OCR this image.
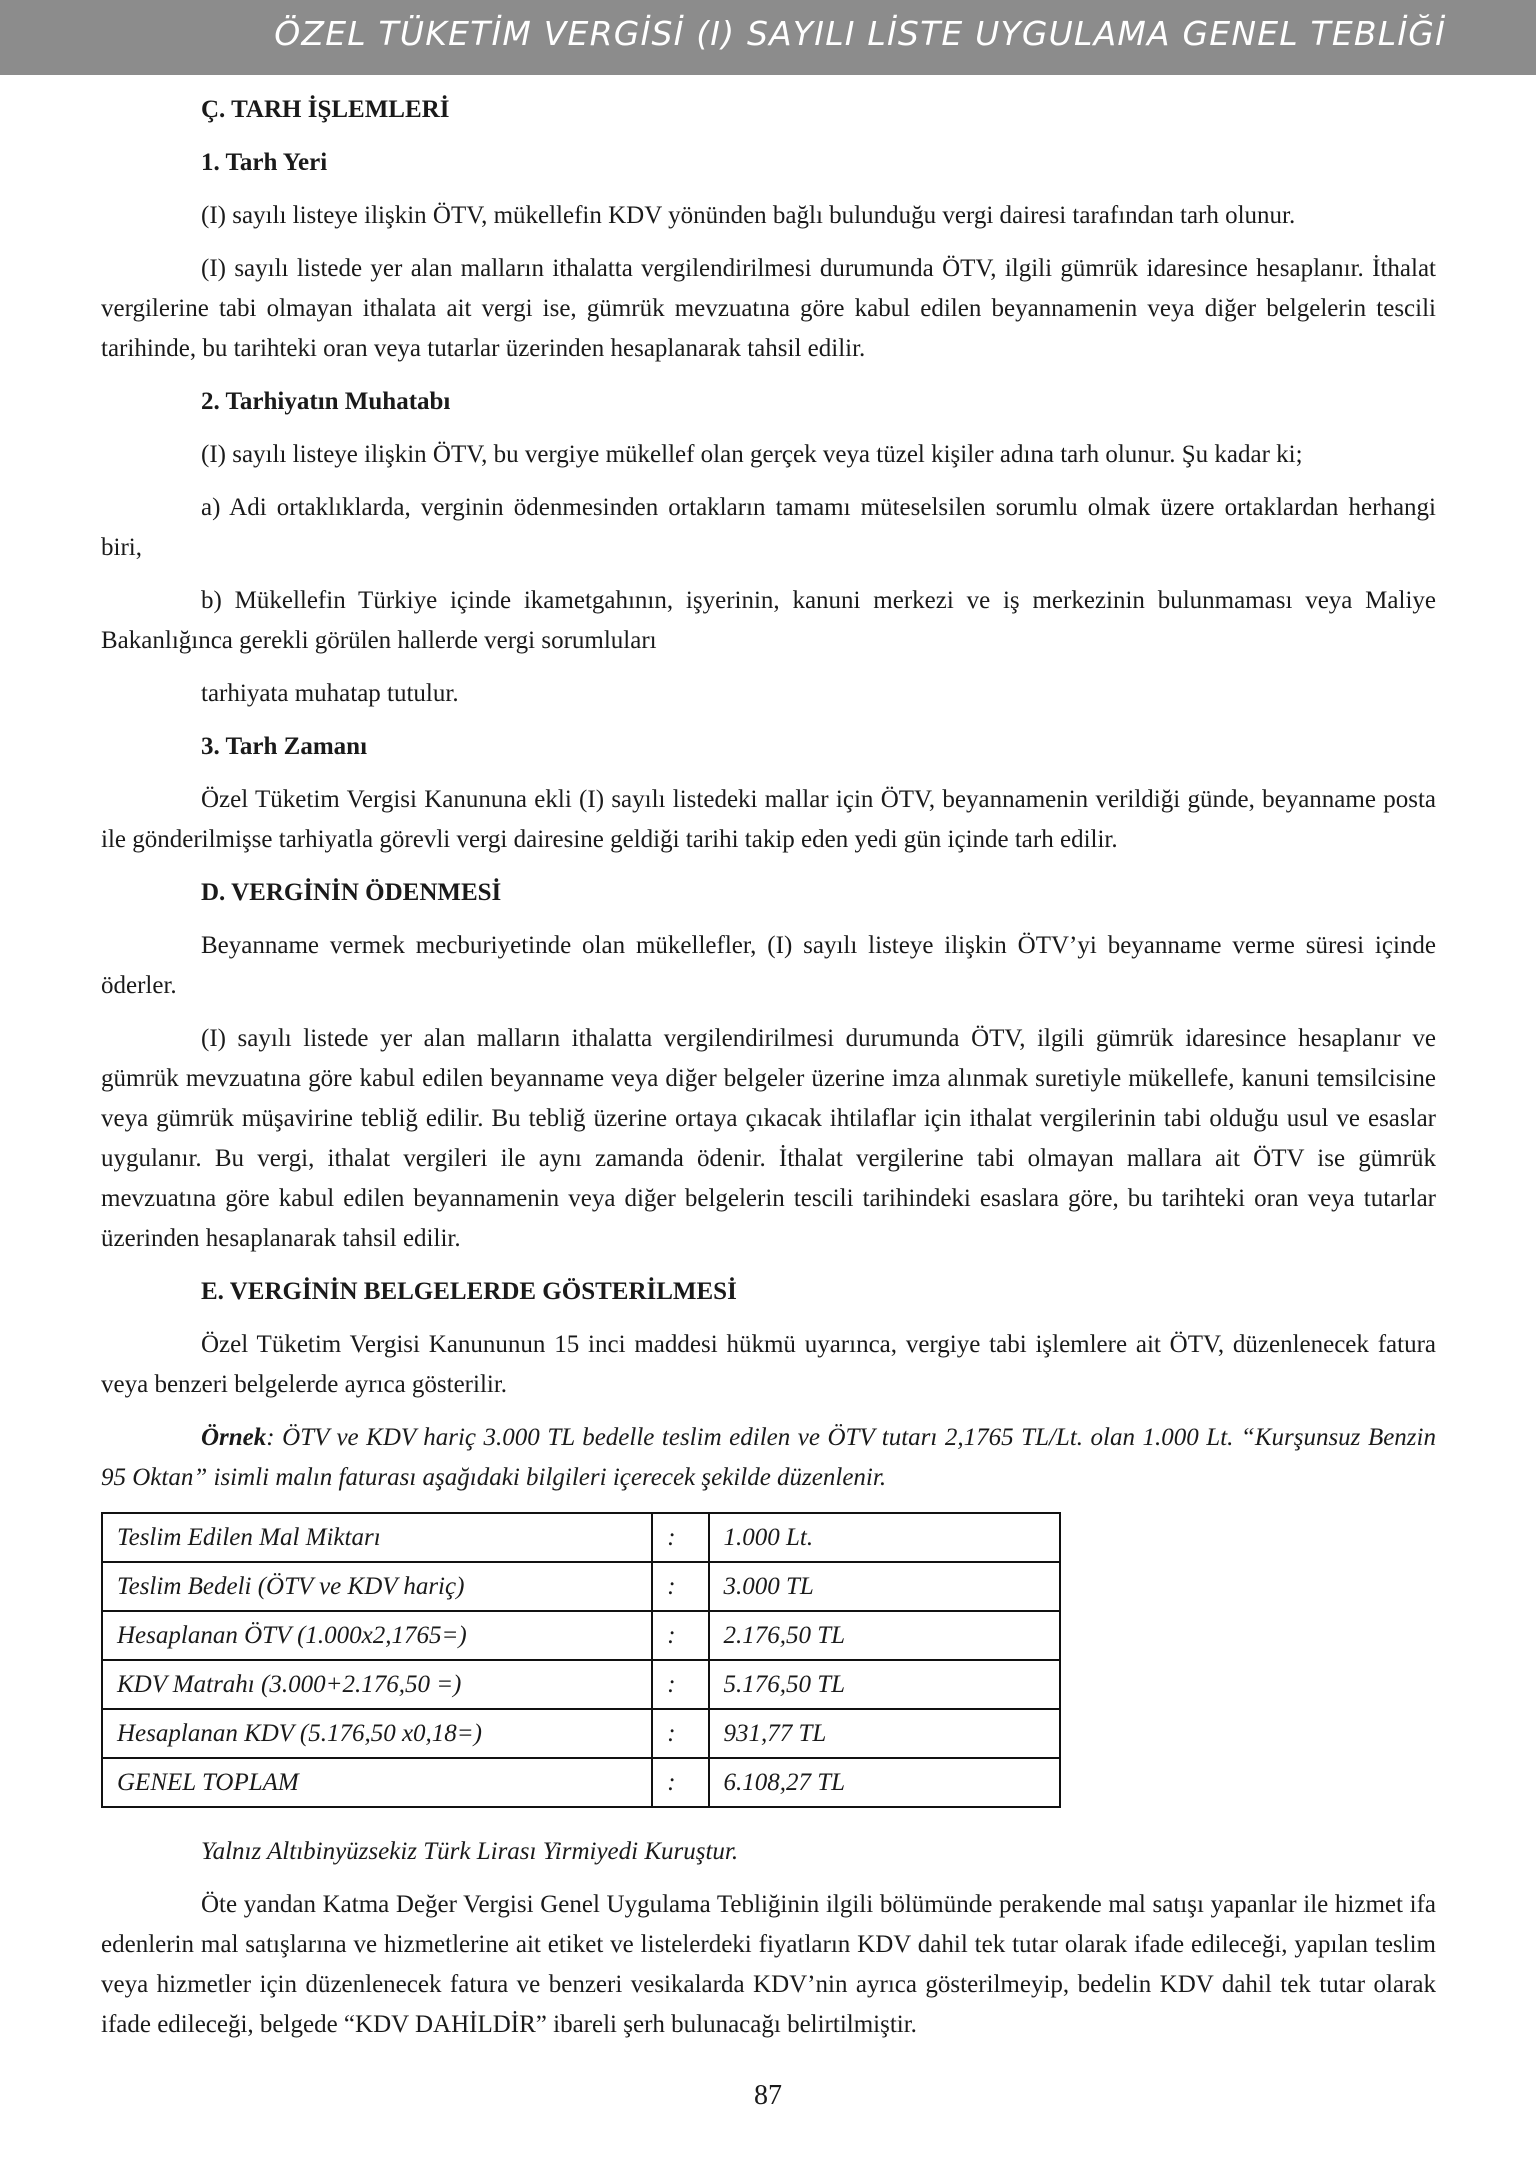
ÖZEL TÜKETİM VERGİSİ (I) SAYILI LİSTE UYGULAMA GENEL TEBLİĞİ
Ç. TARH İŞLEMLERİ
1. Tarh Yeri

(I) sayılı listeye ilişkin ÖTV, mükellefin KDV yönünden bağlı bulunduğu vergi dairesi tarafından tarh olunur.

(I) sayılı listede yer alan malların ithalatta vergilendirilmesi durumunda ÖTV, ilgili gümrük idaresince hesaplanır. İthalat vergilerine tabi olmayan ithalata ait vergi ise, gümrük mevzuatına göre kabul edilen beyannamenin veya diğer belgelerin tescili tarihinde, bu tarihteki oran veya tutarlar üzerinden hesaplanarak tahsil edilir.

2. Tarhiyatın Muhatabı

(I) sayılı listeye ilişkin ÖTV, bu vergiye mükellef olan gerçek veya tüzel kişiler adına tarh olunur. Şu kadar ki;

a) Adi ortaklıklarda, verginin ödenmesinden ortakların tamamı müteselsilen sorumlu olmak üzere ortaklardan herhangi biri,

b) Mükellefin Türkiye içinde ikametgahının, işyerinin, kanuni merkezi ve iş merkezinin bulunmaması veya Maliye Bakanlığınca gerekli görülen hallerde vergi sorumluları

tarhiyata muhatap tutulur.

3. Tarh Zamanı

Özel Tüketim Vergisi Kanununa ekli (I) sayılı listedeki mallar için ÖTV, beyannamenin verildiği günde, beyanname posta ile gönderilmişse tarhiyatla görevli vergi dairesine geldiği tarihi takip eden yedi gün içinde tarh edilir.

D. VERGİNİN ÖDENMESİ

Beyanname vermek mecburiyetinde olan mükellefler, (I) sayılı listeye ilişkin ÖTV’yi beyanname verme süresi içinde öderler.

(I) sayılı listede yer alan malların ithalatta vergilendirilmesi durumunda ÖTV, ilgili gümrük idaresince hesaplanır ve gümrük mevzuatına göre kabul edilen beyanname veya diğer belgeler üzerine imza alınmak suretiyle mükellefe, kanuni temsilcisine veya gümrük müşavirine tebliğ edilir. Bu tebliğ üzerine ortaya çıkacak ihtilaflar için ithalat vergilerinin tabi olduğu usul ve esaslar uygulanır. Bu vergi, ithalat vergileri ile aynı zamanda ödenir. İthalat vergilerine tabi olmayan mallara ait ÖTV ise gümrük mevzuatına göre kabul edilen beyannamenin veya diğer belgelerin tescili tarihindeki esaslara göre, bu tarihteki oran veya tutarlar üzerinden hesaplanarak tahsil edilir.

E. VERGİNİN BELGELERDE GÖSTERİLMESİ

Özel Tüketim Vergisi Kanununun 15 inci maddesi hükmü uyarınca, vergiye tabi işlemlere ait ÖTV, düzenlenecek fatura veya benzeri belgelerde ayrıca gösterilir.

Örnek: ÖTV ve KDV hariç 3.000 TL bedelle teslim edilen ve ÖTV tutarı 2,1765 TL/Lt. olan 1.000 Lt. “Kurşunsuz Benzin 95 Oktan” isimli malın faturası aşağıdaki bilgileri içerecek şekilde düzenlenir.

Teslim Edilen Mal Miktarı	:	1.000 Lt.
Teslim Bedeli (ÖTV ve KDV hariç)	:	3.000 TL
Hesaplanan ÖTV (1.000x2,1765=)	:	2.176,50 TL
KDV Matrahı (3.000+2.176,50 =)	:	5.176,50 TL
Hesaplanan KDV (5.176,50 x0,18=)	:	931,77 TL
GENEL TOPLAM	:	6.108,27 TL

Yalnız Altıbinyüzsekiz Türk Lirası Yirmiyedi Kuruştur.

Öte yandan Katma Değer Vergisi Genel Uygulama Tebliğinin ilgili bölümünde perakende mal satışı yapanlar ile hizmet ifa edenlerin mal satışlarına ve hizmetlerine ait etiket ve listelerdeki fiyatların KDV dahil tek tutar olarak ifade edileceği, yapılan teslim veya hizmetler için düzenlenecek fatura ve benzeri vesikalarda KDV’nin ayrıca gösterilmeyip, bedelin KDV dahil tek tutar olarak ifade edileceği, belgede “KDV DAHİLDİR” ibareli şerh bulunacağı belirtilmiştir.

87
